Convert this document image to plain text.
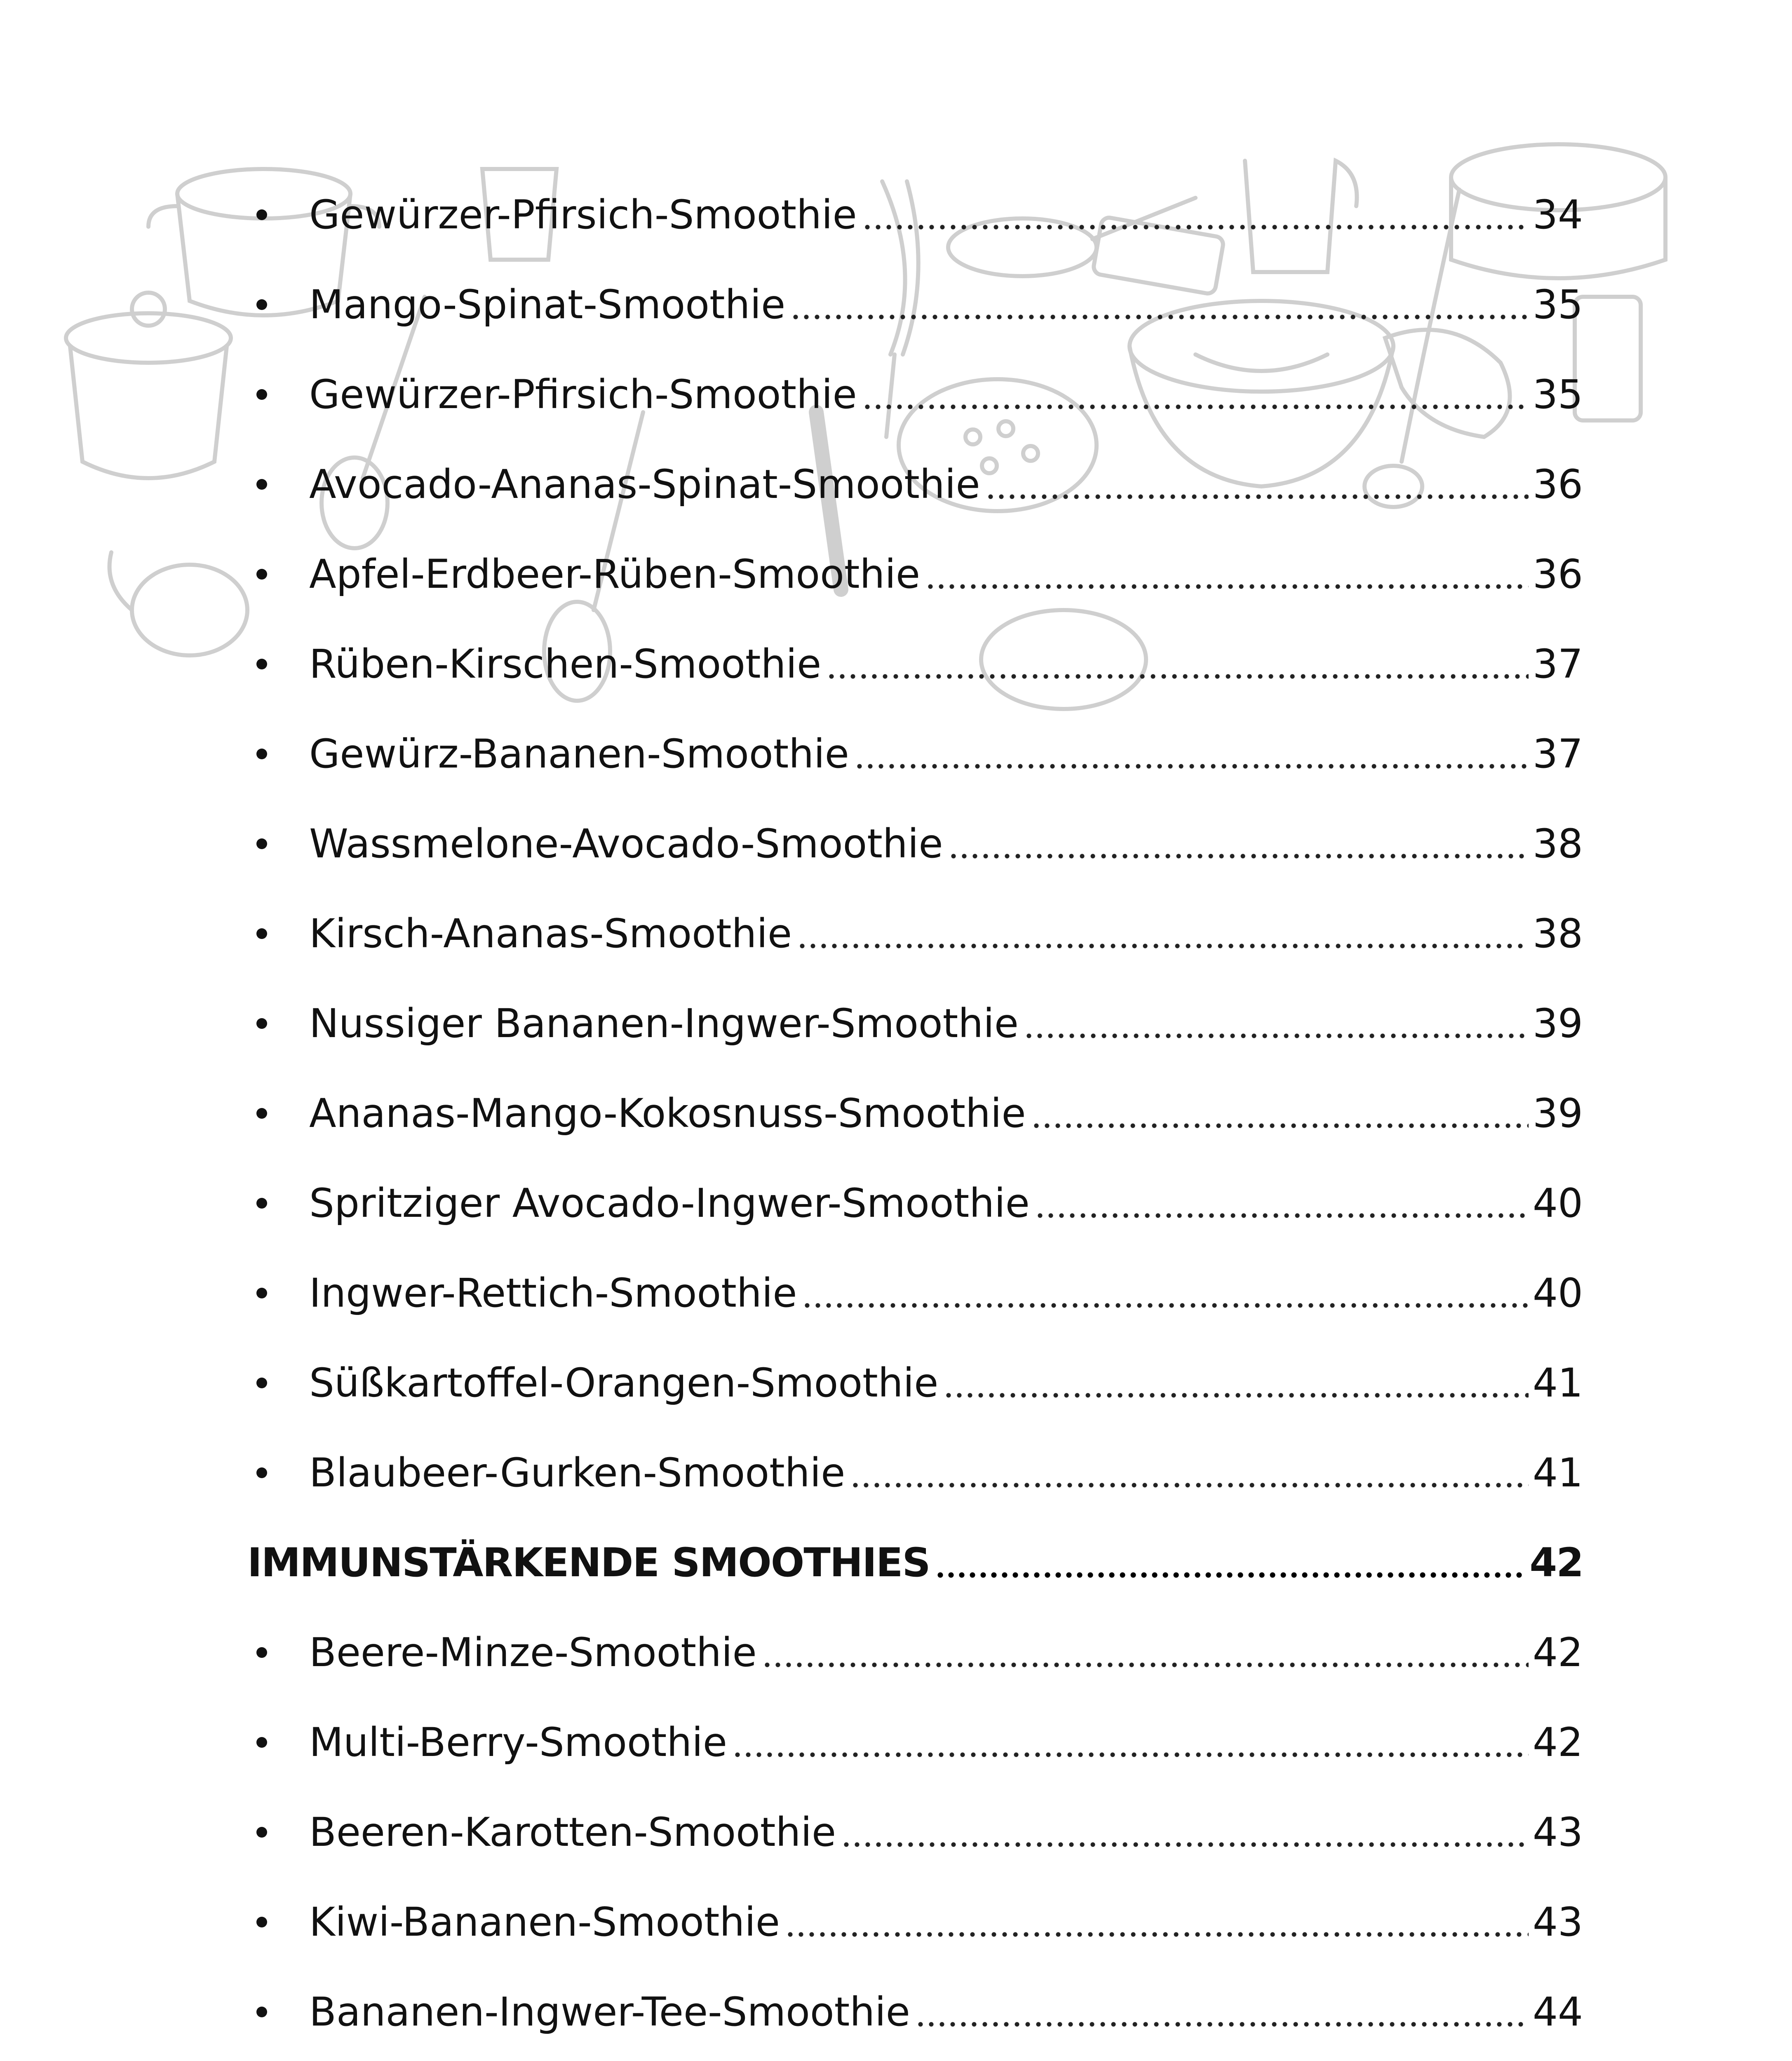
Gewürzer-Pfirsich-Smoothie	34
Mango-Spinat-Smoothie	35
Gewürzer-Pfirsich-Smoothie	35
Avocado-Ananas-Spinat-Smoothie	36
Apfel-Erdbeer-Rüben-Smoothie	36
Rüben-Kirschen-Smoothie	37
Gewürz-Bananen-Smoothie	37
Wassmelone-Avocado-Smoothie	38
Kirsch-Ananas-Smoothie	38
Nussiger Bananen-Ingwer-Smoothie	39
Ananas-Mango-Kokosnuss-Smoothie	39
Spritziger Avocado-Ingwer-Smoothie	40
Ingwer-Rettich-Smoothie	40
Süßkartoffel-Orangen-Smoothie	41
Blaubeer-Gurken-Smoothie	41
IMMUNSTÄRKENDE SMOOTHIES	42
Beere-Minze-Smoothie	42
Multi-Berry-Smoothie	42
Beeren-Karotten-Smoothie	43
Kiwi-Bananen-Smoothie	43
Bananen-Ingwer-Tee-Smoothie	44
